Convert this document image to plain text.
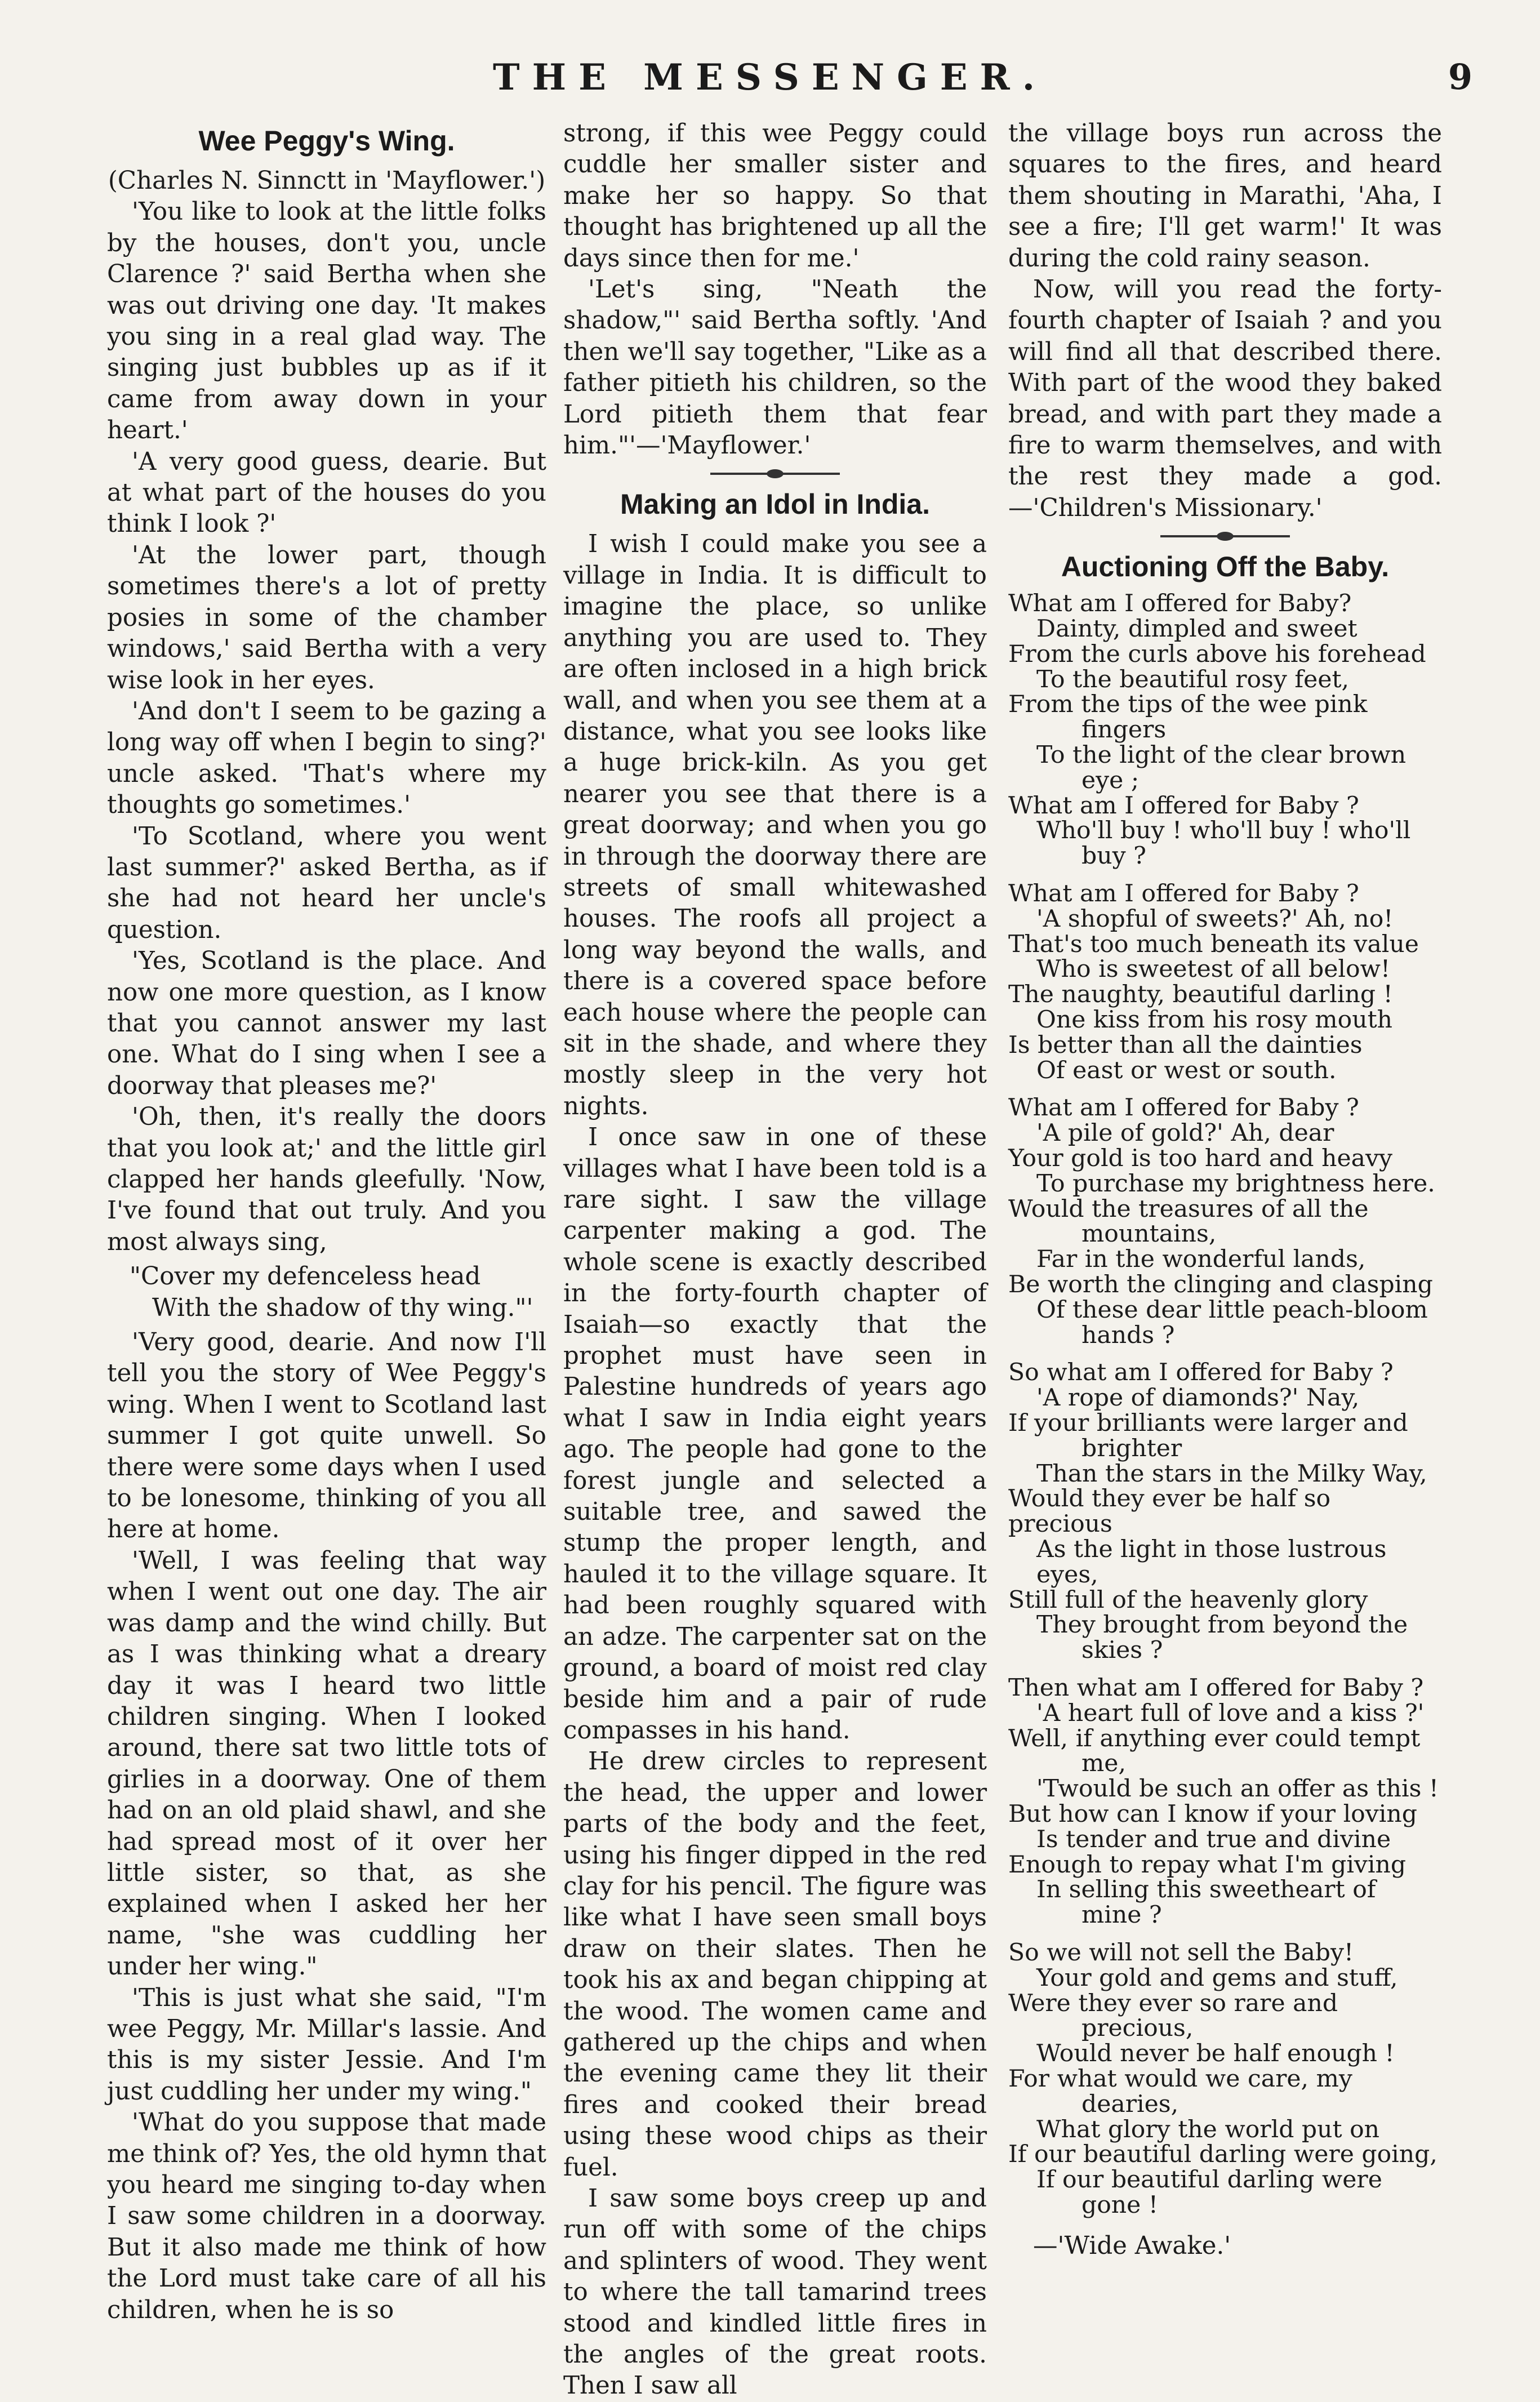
THE MESSENGER.	9
Wee Peggy's Wing.

(Charles N. Sinnctt in 'Mayflower.')

'You like to look at the little folks by the houses, don't you, uncle Clarence ?' said Bertha when she was out driving one day. 'It makes you sing in a real glad way. The singing just bubbles up as if it came from away down in your heart.'

'A very good guess, dearie. But at what part of the houses do you think I look ?'

'At the lower part, though sometimes there's a lot of pretty posies in some of the chamber windows,' said Bertha with a very wise look in her eyes.

'And don't I seem to be gazing a long way off when I begin to sing?' uncle asked. 'That's where my thoughts go sometimes.'

'To Scotland, where you went last summer?' asked Bertha, as if she had not heard her uncle's question.

'Yes, Scotland is the place. And now one more question, as I know that you cannot answer my last one. What do I sing when I see a doorway that pleases me?'

'Oh, then, it's really the doors that you look at;' and the little girl clapped her hands gleefully. 'Now, I've found that out truly. And you most always sing,

"Cover my defenceless head
With the shadow of thy wing."'

'Very good, dearie. And now I'll tell you the story of Wee Peggy's wing. When I went to Scotland last summer I got quite unwell. So there were some days when I used to be lonesome, thinking of you all here at home.

'Well, I was feeling that way when I went out one day. The air was damp and the wind chilly. But as I was thinking what a dreary day it was I heard two little children singing. When I looked around, there sat two little tots of girlies in a doorway. One of them had on an old plaid shawl, and she had spread most of it over her little sister, so that, as she explained when I asked her her name, "she was cuddling her under her wing."

'This is just what she said, "I'm wee Peggy, Mr. Millar's lassie. And this is my sister Jessie. And I'm just cuddling her under my wing."

'What do you suppose that made me think of? Yes, the old hymn that you heard me singing to-day when I saw some children in a doorway. But it also made me think of how the Lord must take care of all his children, when he is so

strong, if this wee Peggy could cuddle her smaller sister and make her so happy. So that thought has brightened up all the days since then for me.'

'Let's sing, "Neath the shadow,"' said Bertha softly. 'And then we'll say together, "Like as a father pitieth his children, so the Lord pitieth them that fear him."'—'Mayflower.'

Making an Idol in India.

I wish I could make you see a village in India. It is difficult to imagine the place, so unlike anything you are used to. They are often inclosed in a high brick wall, and when you see them at a distance, what you see looks like a huge brick-kiln. As you get nearer you see that there is a great doorway; and when you go in through the doorway there are streets of small whitewashed houses. The roofs all project a long way beyond the walls, and there is a covered space before each house where the people can sit in the shade, and where they mostly sleep in the very hot nights.

I once saw in one of these villages what I have been told is a rare sight. I saw the village carpenter making a god. The whole scene is exactly described in the forty-fourth chapter of Isaiah—so exactly that the prophet must have seen in Palestine hundreds of years ago what I saw in India eight years ago. The people had gone to the forest jungle and selected a suitable tree, and sawed the stump the proper length, and hauled it to the village square. It had been roughly squared with an adze. The carpenter sat on the ground, a board of moist red clay beside him and a pair of rude compasses in his hand.

He drew circles to represent the head, the upper and lower parts of the body and the feet, using his finger dipped in the red clay for his pencil. The figure was like what I have seen small boys draw on their slates. Then he took his ax and began chipping at the wood. The women came and gathered up the chips and when the evening came they lit their fires and cooked their bread using these wood chips as their fuel.

I saw some boys creep up and run off with some of the chips and splinters of wood. They went to where the tall tamarind trees stood and kindled little fires in the angles of the great roots. Then I saw all

the village boys run across the squares to the fires, and heard them shouting in Marathi, 'Aha, I see a fire; I'll get warm!' It was during the cold rainy season.

Now, will you read the forty-fourth chapter of Isaiah ? and you will find all that described there. With part of the wood they baked bread, and with part they made a fire to warm themselves, and with the rest they made a god.—'Children's Missionary.'

Auctioning Off the Baby.
What am I offered for Baby?
Dainty, dimpled and sweet
From the curls above his forehead
To the beautiful rosy feet,
From the tips of the wee pink
fingers
To the light of the clear brown
eye ;
What am I offered for Baby ?
Who'll buy ! who'll buy ! who'll
buy ?
What am I offered for Baby ?
'A shopful of sweets?' Ah, no!
That's too much beneath its value
Who is sweetest of all below!
The naughty, beautiful darling !
One kiss from his rosy mouth
Is better than all the dainties
Of east or west or south.
What am I offered for Baby ?
'A pile of gold?' Ah, dear
Your gold is too hard and heavy
To purchase my brightness here.
Would the treasures of all the
mountains,
Far in the wonderful lands,
Be worth the clinging and clasping
Of these dear little peach-bloom
hands ?
So what am I offered for Baby ?
'A rope of diamonds?' Nay,
If your brilliants were larger and
brighter
Than the stars in the Milky Way,
Would they ever be half so precious
As the light in those lustrous eyes,
Still full of the heavenly glory
They brought from beyond the
skies ?
Then what am I offered for Baby ?
'A heart full of love and a kiss ?'
Well, if anything ever could tempt
me,
'Twould be such an offer as this !
But how can I know if your loving
Is tender and true and divine
Enough to repay what I'm giving
In selling this sweetheart of
mine ?
So we will not sell the Baby!
Your gold and gems and stuff,
Were they ever so rare and
precious,
Would never be half enough !
For what would we care, my
dearies,
What glory the world put on
If our beautiful darling were going,
If our beautiful darling were
gone !

—'Wide Awake.'
